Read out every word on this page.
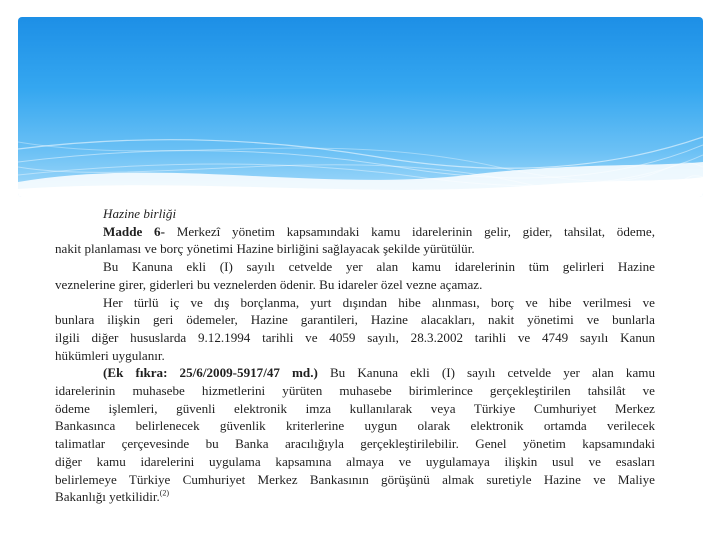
Hazine birliği

Madde 6- Merkezî yönetim kapsamındaki kamu idarelerinin gelir, gider, tahsilat, ödeme,

nakit planlaması ve borç yönetimi Hazine birliğini sağlayacak şekilde yürütülür.

Bu Kanuna ekli (I) sayılı cetvelde yer alan kamu idarelerinin tüm gelirleri Hazine

veznelerine girer, giderleri bu veznelerden ödenir. Bu idareler özel vezne açamaz.

Her türlü iç ve dış borçlanma, yurt dışından hibe alınması, borç ve hibe verilmesi ve

bunlara ilişkin geri ödemeler, Hazine garantileri, Hazine alacakları, nakit yönetimi ve bunlarla

ilgili diğer hususlarda 9.12.1994 tarihli ve 4059 sayılı, 28.3.2002 tarihli ve 4749 sayılı Kanun

hükümleri uygulanır.

(Ek fıkra: 25/6/2009-5917/47 md.) Bu Kanuna ekli (I) sayılı cetvelde yer alan kamu

idarelerinin muhasebe hizmetlerini yürüten muhasebe birimlerince gerçekleştirilen tahsilât ve

ödeme işlemleri, güvenli elektronik imza kullanılarak veya Türkiye Cumhuriyet Merkez

Bankasınca belirlenecek güvenlik kriterlerine uygun olarak elektronik ortamda verilecek

talimatlar çerçevesinde bu Banka aracılığıyla gerçekleştirilebilir. Genel yönetim kapsamındaki

diğer kamu idarelerini uygulama kapsamına almaya ve uygulamaya ilişkin usul ve esasları

belirlemeye Türkiye Cumhuriyet Merkez Bankasının görüşünü almak suretiyle Hazine ve Maliye

Bakanlığı yetkilidir.$^{(2)}$
